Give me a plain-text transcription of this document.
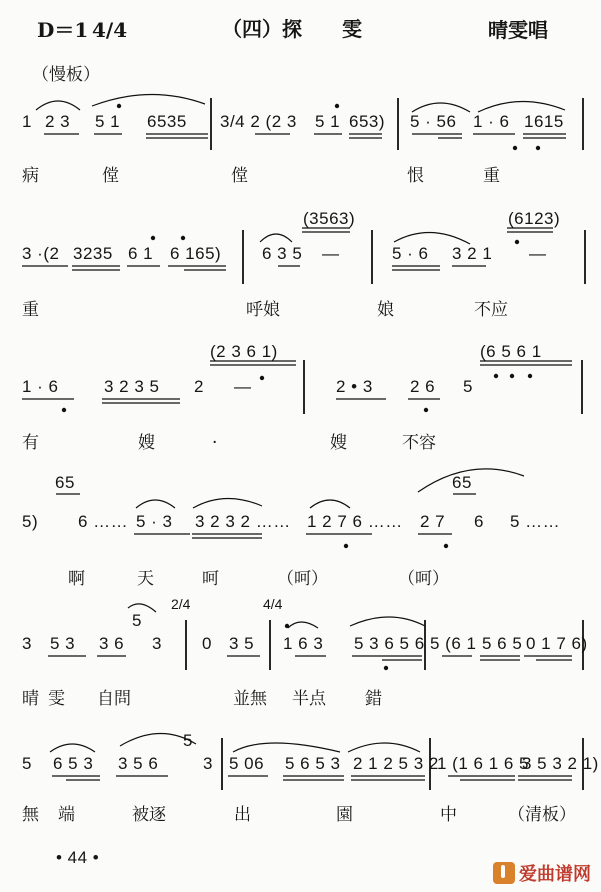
D＝1 4/4	（四）探　　雯	晴雯唱
（慢板）
1 2 3 5 1 6535 3/4 2 (2 3 5 1 653) 5 · 56 1 · 6 1615
病	㑽	㑽	恨	重
3 ·(2 3235 6 1 6 165) 6 3 5
(3563)
—	5 · 6 3 2 1
(6123)
—
重	呼娘	娘	不应
1 · 6	3 2 3 5 2
(2 3 6 1)
—	2 • 3 2 6 5
(6 5 6 1
有	嫂	·	嫂	不容
5)
65
6 …… 5 · 3 3 2 3 2 …… 1 2 7 6 …… 2 7
65
6 5 ……
啊	天	呵	（呵）	（呵）
3 5 3 3 6
5
3
2/4
0 3 5
4/4
1 6 3 5 3 6 5 6 5 (6 1 5 6 5 0 1 7 6)
晴 雯 自問	並無 半点 錯
5 6 5 3 3 5 6
5
3 5 06 5 6 5 3 2 1 2 5 3 2
1 (1 6 1 6 5
3 5 3 2 1)
無 端	被逐	出	園	中	（清板）
• 44 •
爱曲谱网
